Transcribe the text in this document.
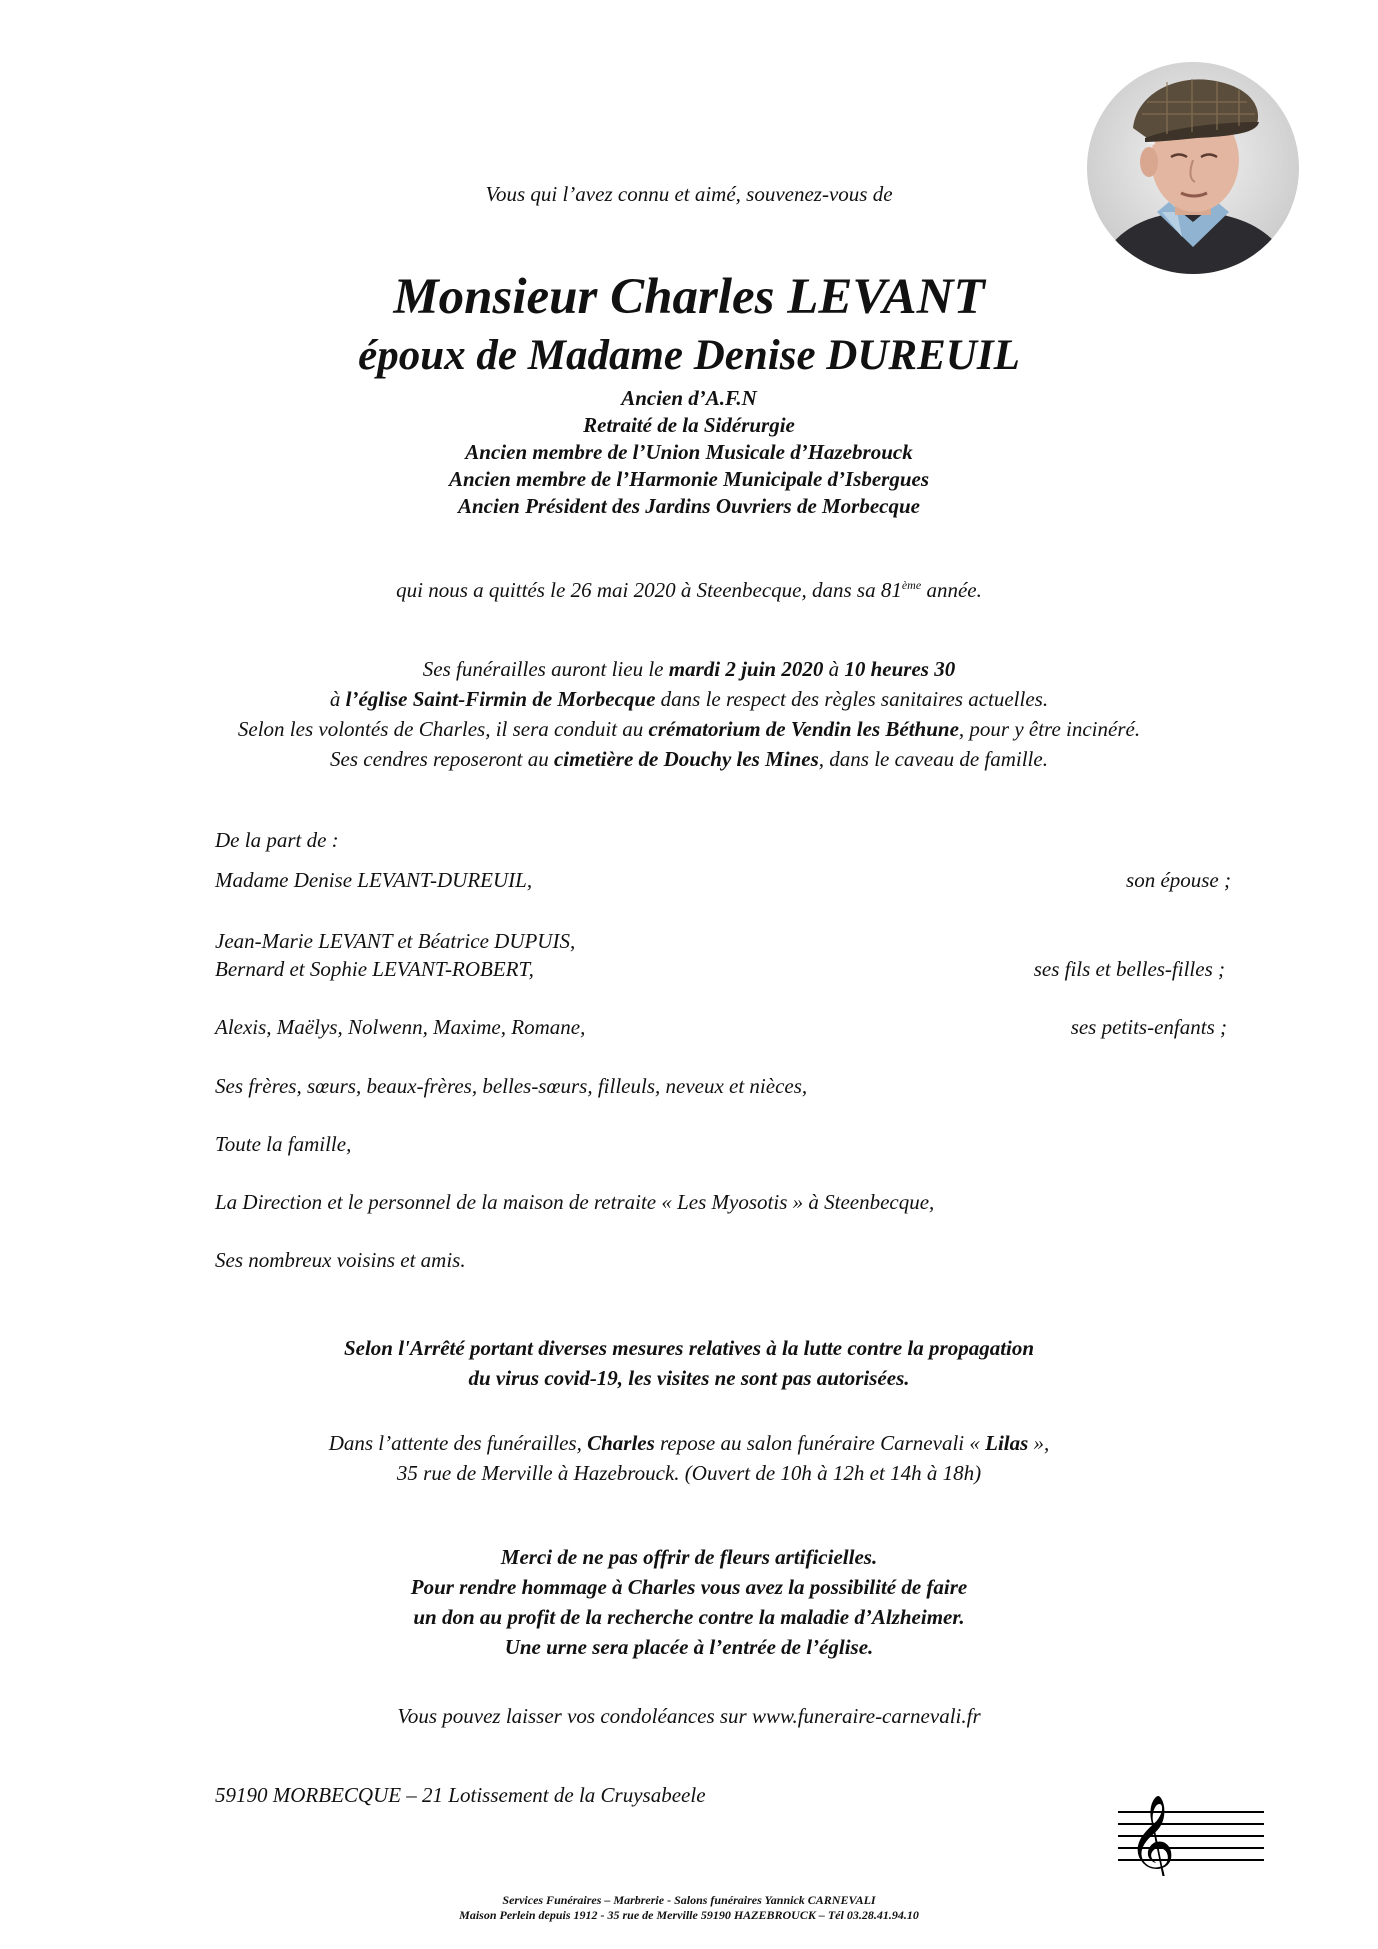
Vous qui l’avez connu et aimé, souvenez-vous de
Monsieur Charles LEVANT
époux de Madame Denise DUREUIL
Ancien d’A.F.N
Retraité de la Sidérurgie
Ancien membre de l’Union Musicale d’Hazebrouck
Ancien membre de l’Harmonie Municipale d’Isbergues
Ancien Président des Jardins Ouvriers de Morbecque
qui nous a quittés le 26 mai 2020 à Steenbecque, dans sa 81ème année.
Ses funérailles auront lieu le mardi 2 juin 2020 à 10 heures 30
à l’église Saint-Firmin de Morbecque dans le respect des règles sanitaires actuelles.
Selon les volontés de Charles, il sera conduit au crématorium de Vendin les Béthune, pour y être incinéré.
Ses cendres reposeront au cimetière de Douchy les Mines, dans le caveau de famille.
De la part de :
Madame Denise LEVANT-DUREUIL,	son épouse ;
Jean-Marie LEVANT et Béatrice DUPUIS,
Bernard et Sophie LEVANT-ROBERT,	ses fils et belles-filles ;
Alexis, Maëlys, Nolwenn, Maxime, Romane,	ses petits-enfants ;
Ses frères, sœurs, beaux-frères, belles-sœurs, filleuls, neveux et nièces,
Toute la famille,
La Direction et le personnel de la maison de retraite « Les Myosotis » à Steenbecque,
Ses nombreux voisins et amis.
Selon l'Arrêté portant diverses mesures relatives à la lutte contre la propagation
du virus covid-19, les visites ne sont pas autorisées.
Dans l’attente des funérailles, Charles repose au salon funéraire Carnevali « Lilas »,
35 rue de Merville à Hazebrouck. (Ouvert de 10h à 12h et 14h à 18h)
Merci de ne pas offrir de fleurs artificielles.
Pour rendre hommage à Charles vous avez la possibilité de faire
un don au profit de la recherche contre la maladie d’Alzheimer.
Une urne sera placée à l’entrée de l’église.
Vous pouvez laisser vos condoléances sur www.funeraire-carnevali.fr
59190 MORBECQUE – 21 Lotissement de la Cruysabeele	𝄞
Services Funéraires – Marbrerie - Salons funéraires Yannick CARNEVALI
Maison Perlein depuis 1912 - 35 rue de Merville 59190 HAZEBROUCK – Tél 03.28.41.94.10
